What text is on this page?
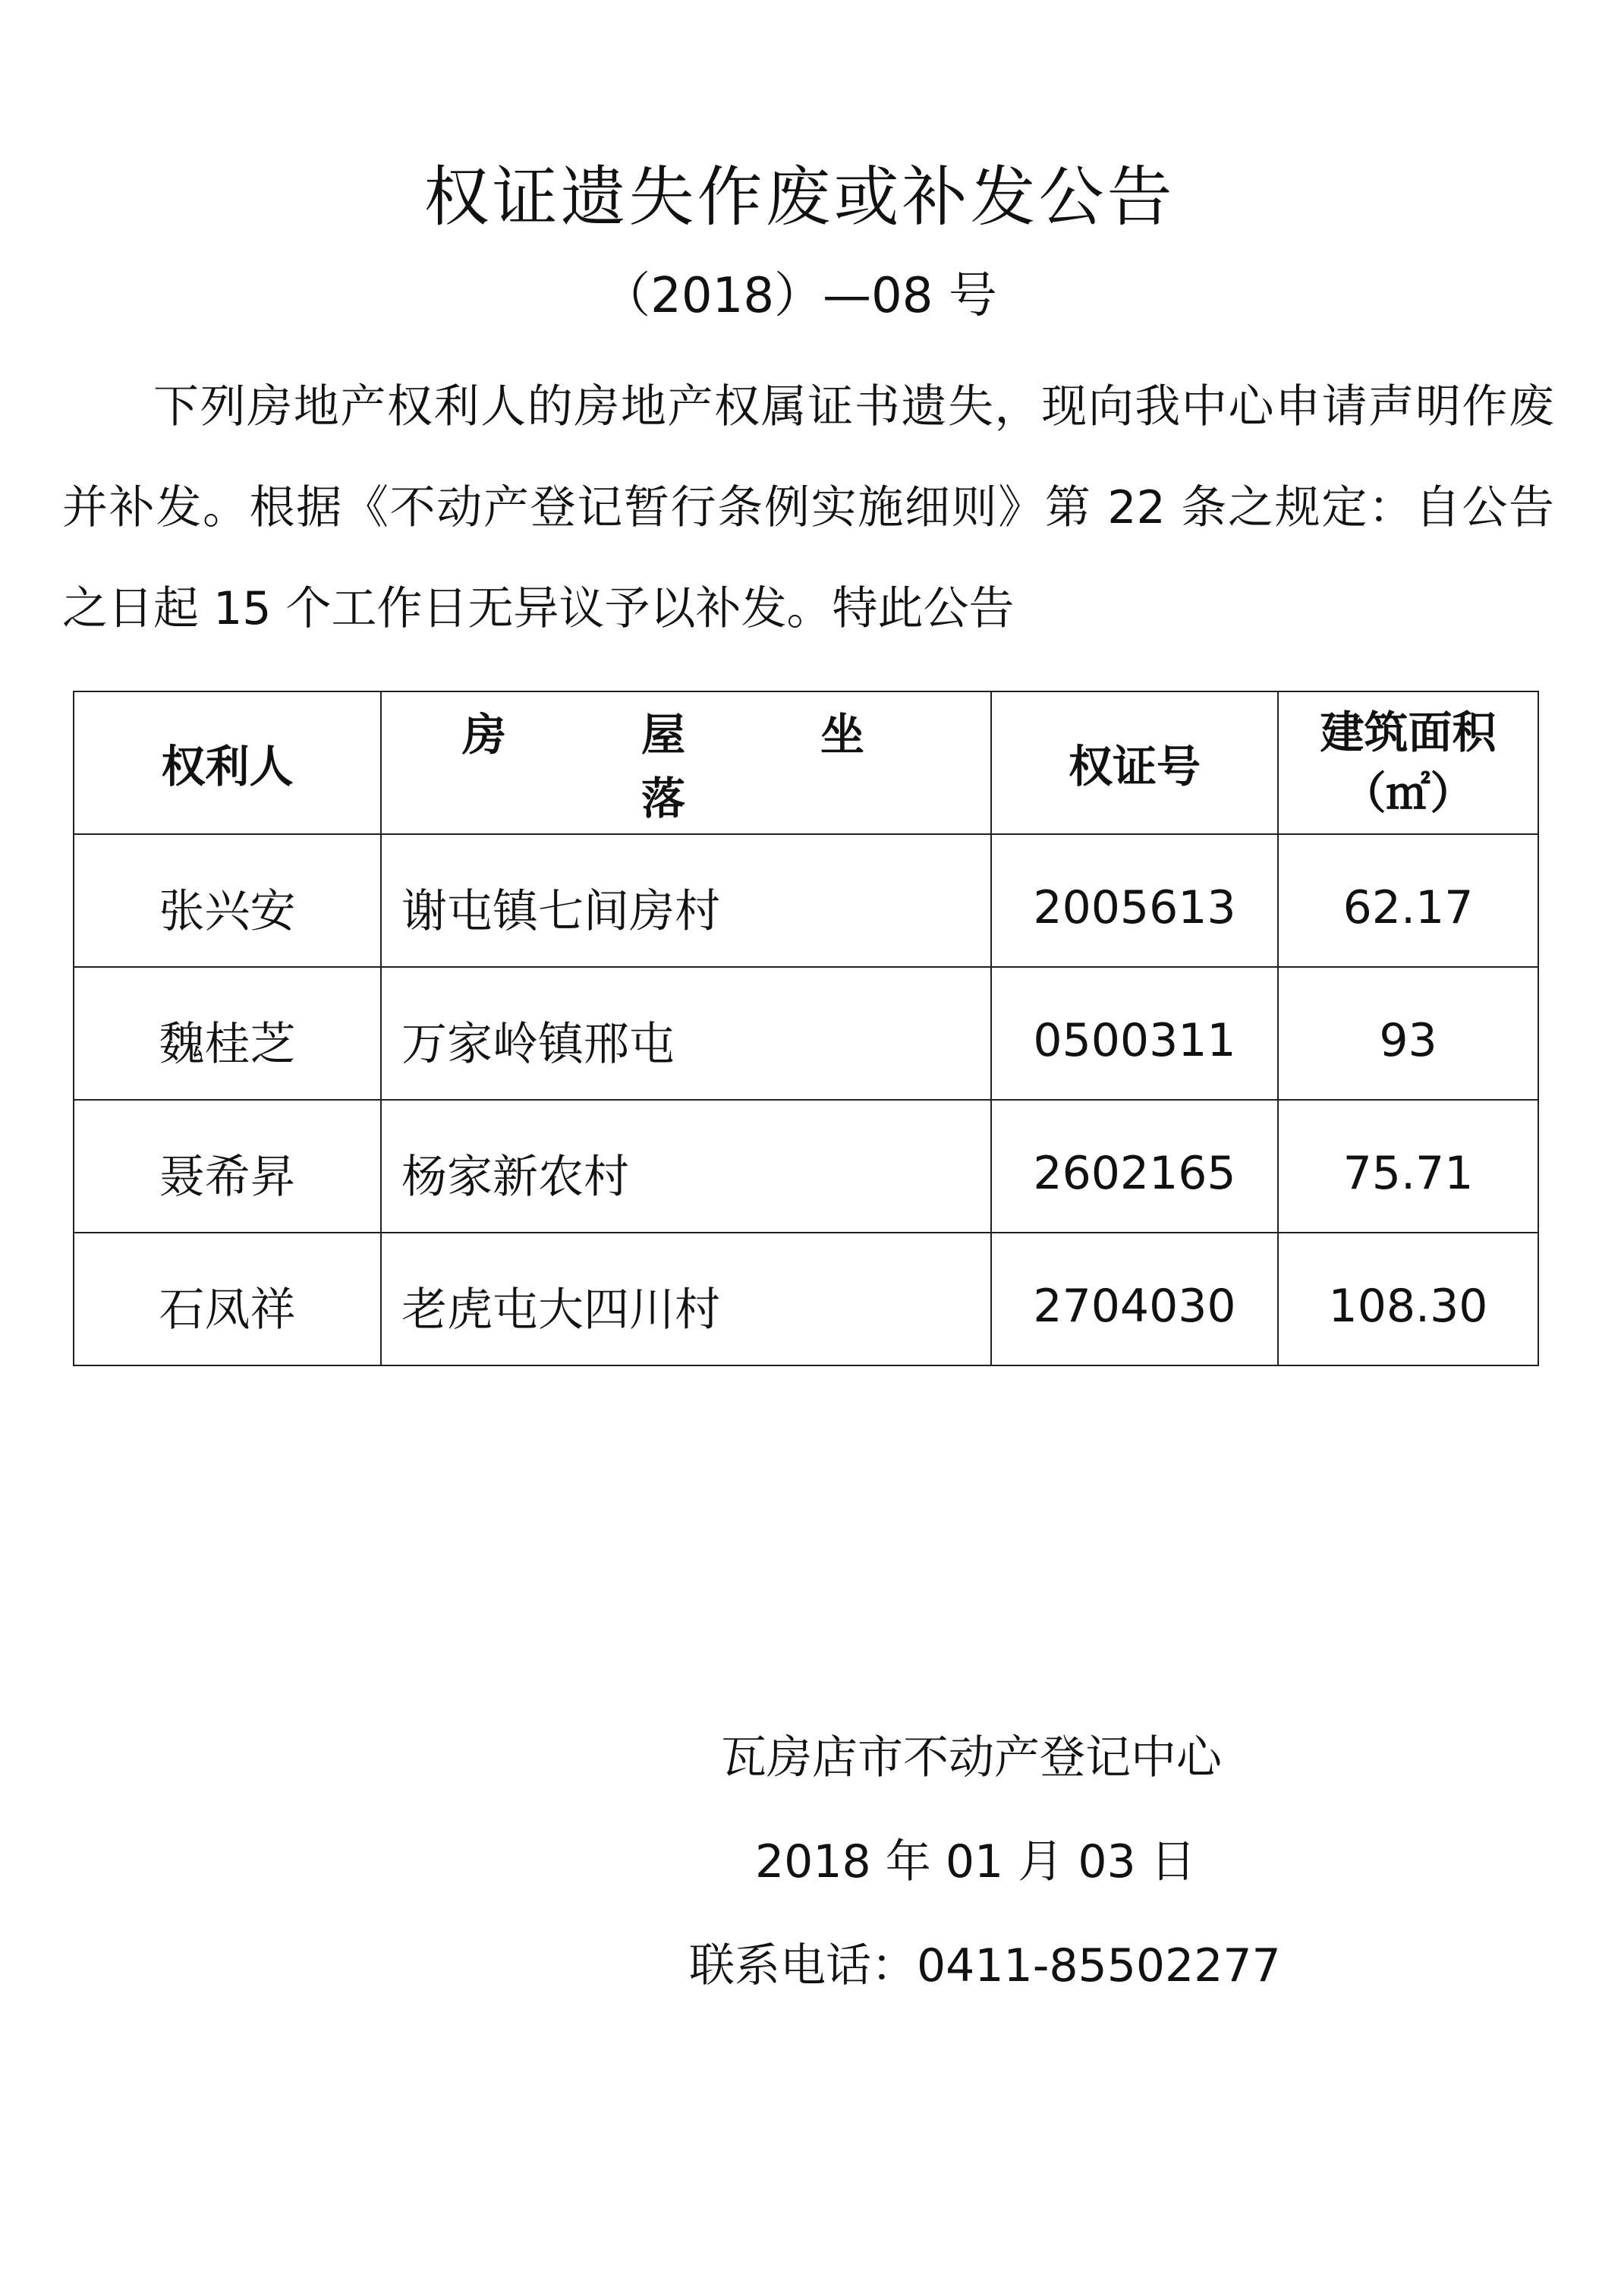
权证遗失作废或补发公告
（2018）—08 号
下列房地产权利人的房地产权属证书遗失，现向我中心申请声明作废并补发。根据《不动产登记暂行条例实施细则》第 22 条之规定：自公告之日起 15 个工作日无异议予以补发。特此公告
权利人	房　屋　坐　落	权证号	建筑面积
（㎡）

张兴安	谢屯镇七间房村	2005613	62.17
魏桂芝	万家岭镇邢屯	0500311	93
聂希昇	杨家新农村	2602165	75.71
石凤祥	老虎屯大四川村	2704030	108.30
瓦房店市不动产登记中心
2018 年 01 月 03 日
联系电话：0411-85502277
